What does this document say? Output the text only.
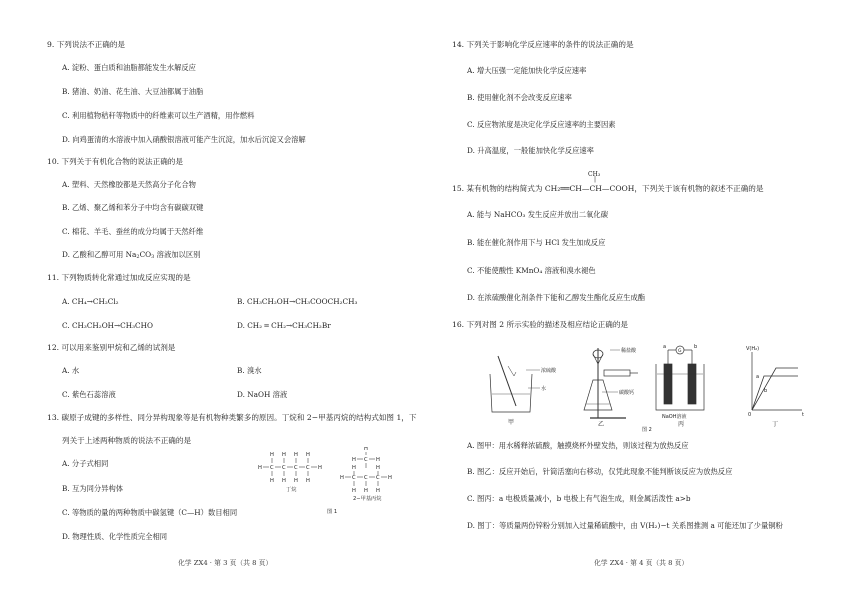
9. 下列说法不正确的是
A. 淀粉、蛋白质和油脂都能发生水解反应
B. 猪油、奶油、花生油、大豆油都属于油脂
C. 利用植物秸秆等物质中的纤维素可以生产酒精，用作燃料
D. 向鸡蛋清的水溶液中加入硝酸银溶液可能产生沉淀，加水后沉淀又会溶解
10. 下列关于有机化合物的说法正确的是
A. 塑料、天然橡胶都是天然高分子化合物
B. 乙烯、聚乙烯和苯分子中均含有碳碳双键
C. 棉花、羊毛、蚕丝的成分均属于天然纤维
D. 乙酸和乙醇可用 $Na_2CO_3$ 溶液加以区别
11. 下列物质转化常通过加成反应实现的是
A. CH₄→CH₂Cl₂	B. CH₃CH₂OH→CH₃COOCH₂CH₃
C. CH₃CH₂OH→CH₃CHO	D. CH₂ ═ CH₂→CH₃CH₂Br
12. 可以用来鉴别甲烷和乙烯的试剂是
A. 水	B. 溴水
C. 紫色石蕊溶液	D. NaOH 溶液
13. 碳原子成键的多样性、同分异构现象等是有机物种类繁多的原因。丁烷和 2−甲基丙烷的结构式如图 1，下
列关于上述两种物质的说法不正确的是
A. 分子式相同
B. 互为同分异构体
C. 等物质的量的两种物质中碳氢键（C—H）数目相同
D. 物理性质、化学性质完全相同
H H H H
H C C C C H
H H H H
H
H C H
H	H
H C C C H
H H H
丁烷
2−甲基丙烷
图 1
化学 ZX4 · 第 3 页（共 8 页）
14. 下列关于影响化学反应速率的条件的说法正确的是
A. 增大压强一定能加快化学反应速率
B. 使用催化剂不会改变反应速率
C. 反应物浓度是决定化学反应速率的主要因素
D. 升高温度，一般能加快化学反应速率
CH₃
|
15. 某有机物的结构简式为 CH₂══CH—CH—COOH，下列关于该有机物的叙述不正确的是
A. 能与 NaHCO₃ 发生反应并放出二氧化碳
B. 能在催化剂作用下与 HCl 发生加成反应
C. 不能使酸性 KMnO₄ 溶液和溴水褪色
D. 在浓硫酸催化剂条件下能和乙醇发生酯化反应生成酯
16. 下列对图 2 所示实验的描述及相应结论正确的是
浓硫酸
水
甲
稀盐酸
碳酸钙
乙
a	b
G
NaOH溶液
丙
V(H₂)
a
b
t
0
丁
图 2
A. 图甲：用水稀释浓硫酸，触摸烧杯外壁发热，则该过程为放热反应
B. 图乙：反应开始后，针筒活塞向右移动，仅凭此现象不能判断该反应为放热反应
C. 图丙：a 电极质量减小，b 电极上有气泡生成，则金属活泼性 a>b
D. 图丁：等质量两份锌粉分别加入过量稀硫酸中，由 V(H₂)−t 关系图推测 a 可能还加了少量铜粉
化学 ZX4 · 第 4 页（共 8 页）
